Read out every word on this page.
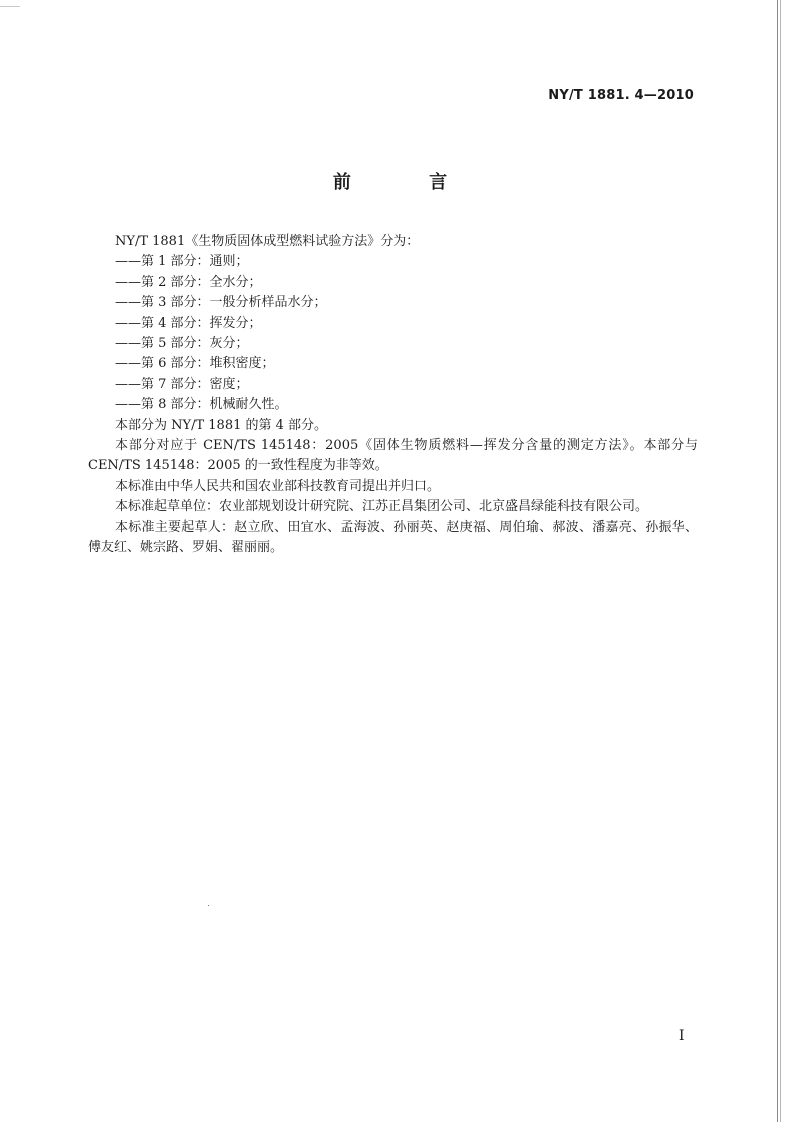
NY/T 1881. 4—2010
前 言
NY/T 1881《生物质固体成型燃料试验方法》分为：
——第 1 部分：通则；
——第 2 部分：全水分；
——第 3 部分：一般分析样品水分；
——第 4 部分：挥发分；
——第 5 部分：灰分；
——第 6 部分：堆积密度；
——第 7 部分：密度；
——第 8 部分：机械耐久性。
本部分为 NY/T 1881 的第 4 部分。
本部分对应于 CEN/TS 145148：2005《固体生物质燃料—挥发分含量的测定方法》。本部分与 CEN/TS 145148：2005 的一致性程度为非等效。
本标准由中华人民共和国农业部科技教育司提出并归口。
本标准起草单位：农业部规划设计研究院、江苏正昌集团公司、北京盛昌绿能科技有限公司。
本标准主要起草人：赵立欣、田宜水、孟海波、孙丽英、赵庚福、周伯瑜、郝波、潘嘉亮、孙振华、傅友红、姚宗路、罗娟、翟丽丽。
I
